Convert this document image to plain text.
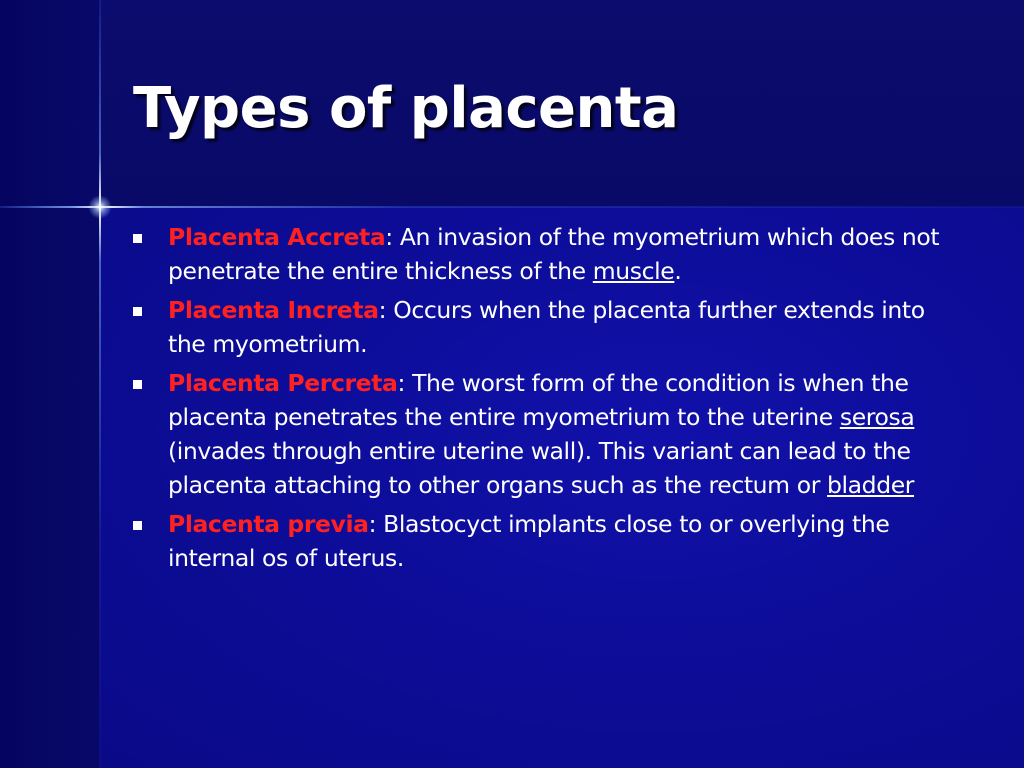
Types of placenta
Placenta Accreta: An invasion of the myometrium which does not penetrate the entire thickness of the muscle.
Placenta Increta: Occurs when the placenta further extends into the myometrium.
Placenta Percreta: The worst form of the condition is when the placenta penetrates the entire myometrium to the uterine serosa (invades through entire uterine wall). This variant can lead to the placenta attaching to other organs such as the rectum or bladder
Placenta previa: Blastocyct implants close to or overlying the internal os of uterus.
